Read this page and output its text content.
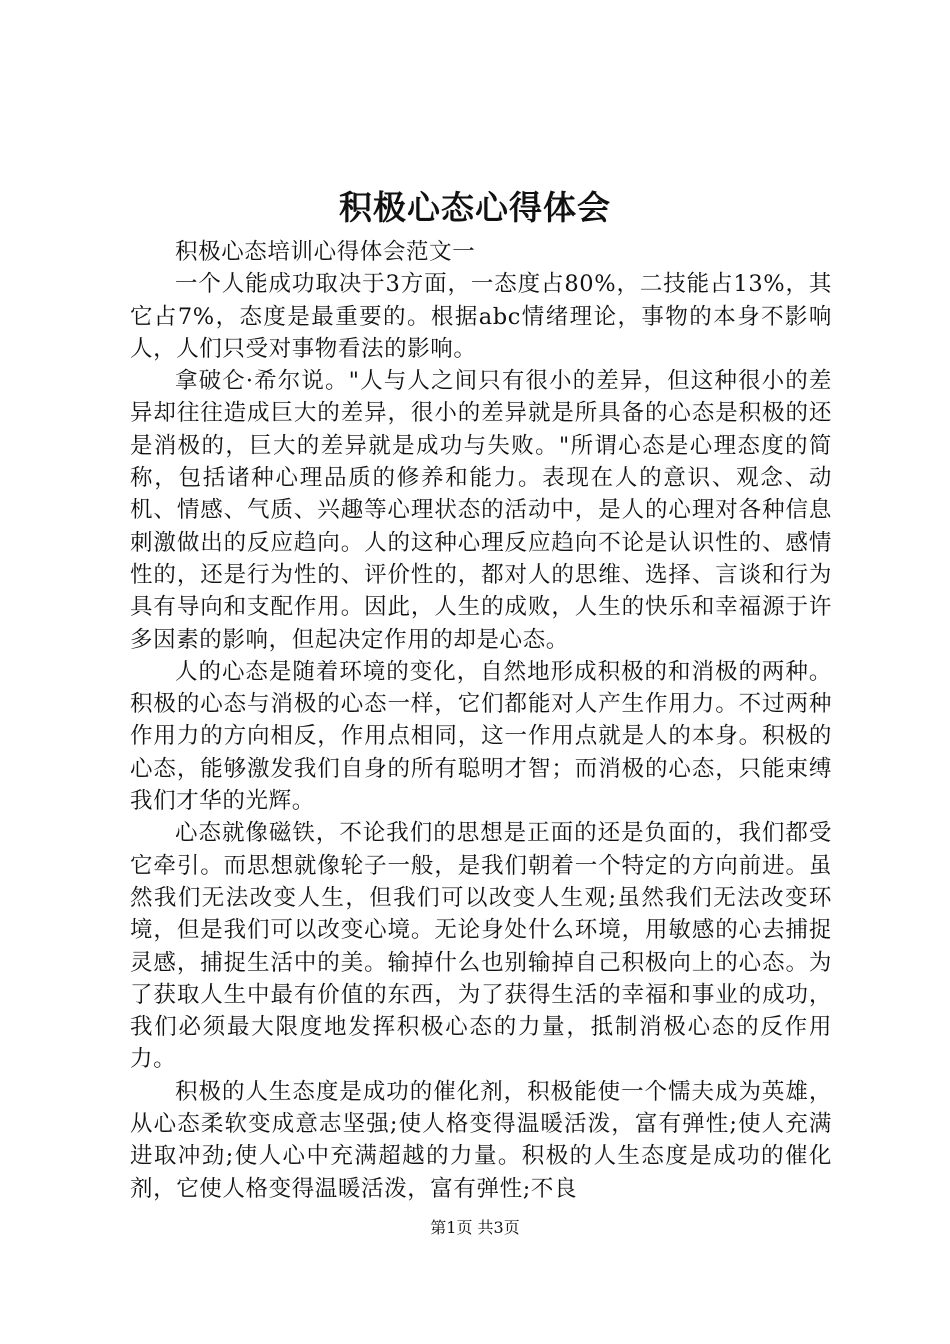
积极心态心得体会

积极心态培训心得体会范文一

一个人能成功取决于3方面，一态度占80%，二技能占13%，其它占7%，态度是最重要的。根据abc情绪理论，事物的本身不影响人，人们只受对事物看法的影响。

拿破仑·希尔说。"人与人之间只有很小的差异，但这种很小的差异却往往造成巨大的差异，很小的差异就是所具备的心态是积极的还是消极的，巨大的差异就是成功与失败。"所谓心态是心理态度的简称，包括诸种心理品质的修养和能力。表现在人的意识、观念、动机、情感、气质、兴趣等心理状态的活动中，是人的心理对各种信息刺激做出的反应趋向。人的这种心理反应趋向不论是认识性的、感情性的，还是行为性的、评价性的，都对人的思维、选择、言谈和行为具有导向和支配作用。因此，人生的成败，人生的快乐和幸福源于许多因素的影响，但起决定作用的却是心态。

人的心态是随着环境的变化，自然地形成积极的和消极的两种。积极的心态与消极的心态一样，它们都能对人产生作用力。不过两种作用力的方向相反，作用点相同，这一作用点就是人的本身。积极的心态，能够激发我们自身的所有聪明才智；而消极的心态，只能束缚我们才华的光辉。

心态就像磁铁，不论我们的思想是正面的还是负面的，我们都受它牵引。而思想就像轮子一般，是我们朝着一个特定的方向前进。虽然我们无法改变人生，但我们可以改变人生观;虽然我们无法改变环境，但是我们可以改变心境。无论身处什么环境，用敏感的心去捕捉灵感，捕捉生活中的美。输掉什么也别输掉自己积极向上的心态。为了获取人生中最有价值的东西，为了获得生活的幸福和事业的成功，我们必须最大限度地发挥积极心态的力量，抵制消极心态的反作用力。

积极的人生态度是成功的催化剂，积极能使一个懦夫成为英雄，从心态柔软变成意志坚强;使人格变得温暖活泼，富有弹性;使人充满进取冲劲;使人心中充满超越的力量。积极的人生态度是成功的催化剂，它使人格变得温暖活泼，富有弹性;不良

第1页 共3页
